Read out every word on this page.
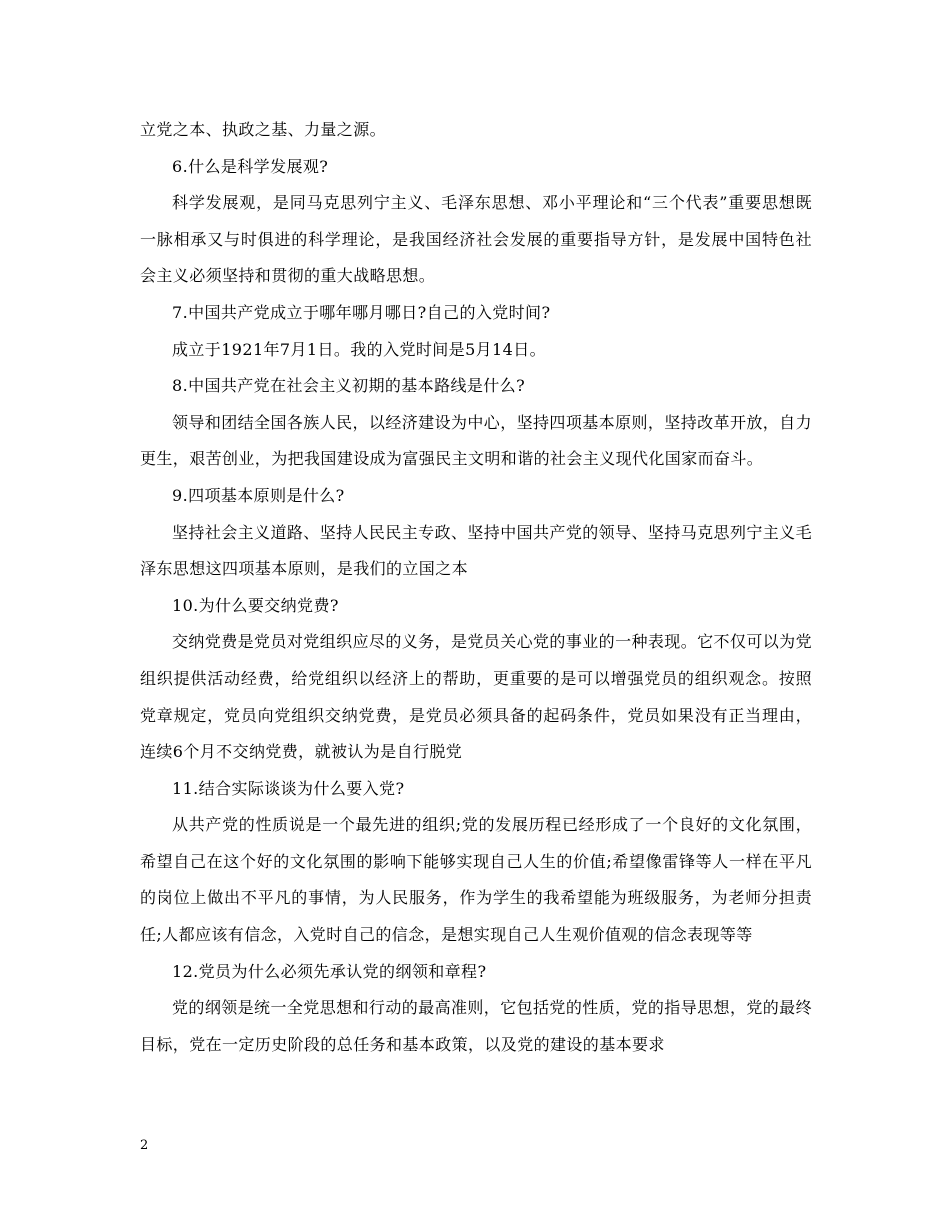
立党之本、执政之基、力量之源。

6.什么是科学发展观?

科学发展观，是同马克思列宁主义、毛泽东思想、邓小平理论和“三个代表”重要思想既一脉相承又与时俱进的科学理论，是我国经济社会发展的重要指导方针，是发展中国特色社会主义必须坚持和贯彻的重大战略思想。

7.中国共产党成立于哪年哪月哪日?自己的入党时间?

成立于1921年7月1日。我的入党时间是5月14日。

8.中国共产党在社会主义初期的基本路线是什么?

领导和团结全国各族人民，以经济建设为中心，坚持四项基本原则，坚持改革开放，自力更生，艰苦创业，为把我国建设成为富强民主文明和谐的社会主义现代化国家而奋斗。

9.四项基本原则是什么?

坚持社会主义道路、坚持人民民主专政、坚持中国共产党的领导、坚持马克思列宁主义毛泽东思想这四项基本原则，是我们的立国之本

10.为什么要交纳党费?

交纳党费是党员对党组织应尽的义务，是党员关心党的事业的一种表现。它不仅可以为党组织提供活动经费，给党组织以经济上的帮助，更重要的是可以增强党员的组织观念。按照党章规定，党员向党组织交纳党费，是党员必须具备的起码条件，党员如果没有正当理由，连续6个月不交纳党费，就被认为是自行脱党

11.结合实际谈谈为什么要入党?

从共产党的性质说是一个最先进的组织;党的发展历程已经形成了一个良好的文化氛围，希望自己在这个好的文化氛围的影响下能够实现自己人生的价值;希望像雷锋等人一样在平凡的岗位上做出不平凡的事情，为人民服务，作为学生的我希望能为班级服务，为老师分担责任;人都应该有信念，入党时自己的信念，是想实现自己人生观价值观的信念表现等等

12.党员为什么必须先承认党的纲领和章程?

党的纲领是统一全党思想和行动的最高准则，它包括党的性质，党的指导思想，党的最终目标，党在一定历史阶段的总任务和基本政策，以及党的建设的基本要求

2
